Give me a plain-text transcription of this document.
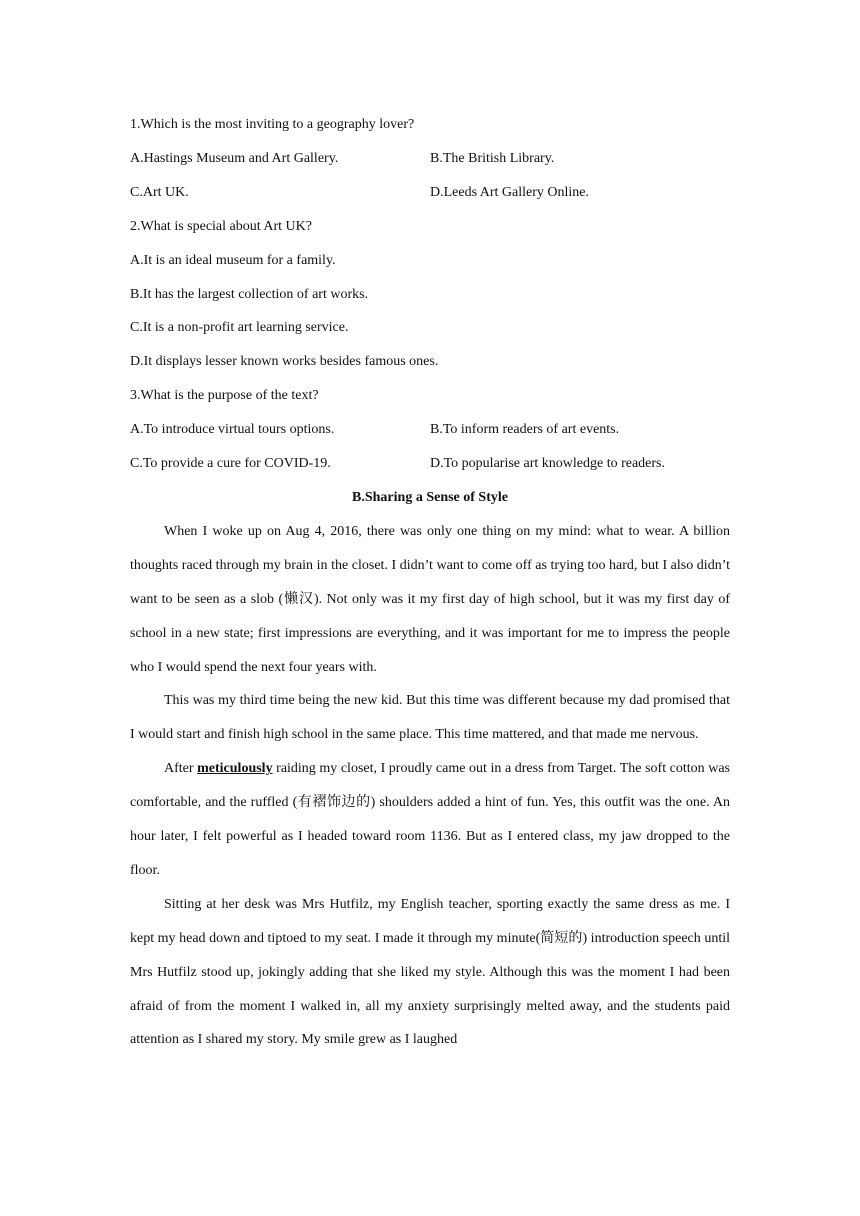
1.Which is the most inviting to a geography lover?

A.Hastings Museum and Art Gallery.	B.The British Library.
C.Art UK.	D.Leeds Art Gallery Online.

2.What is special about Art UK?

A.It is an ideal museum for a family.

B.It has the largest collection of art works.

C.It is a non-profit art learning service.

D.It displays lesser known works besides famous ones.

3.What is the purpose of the text?

A.To introduce virtual tours options.	B.To inform readers of art events.
C.To provide a cure for COVID-19.	D.To popularise art knowledge to readers.

B.Sharing a Sense of Style

When I woke up on Aug 4, 2016, there was only one thing on my mind: what to wear. A billion thoughts raced through my brain in the closet. I didn’t want to come off as trying too hard, but I also didn’t want to be seen as a slob (懒汉). Not only was it my first day of high school, but it was my first day of school in a new state; first impressions are everything, and it was important for me to impress the people who I would spend the next four years with.

This was my third time being the new kid. But this time was different because my dad promised that I would start and finish high school in the same place. This time mattered, and that made me nervous.

After meticulously raiding my closet, I proudly came out in a dress from Target. The soft cotton was comfortable, and the ruffled (有褶饰边的) shoulders added a hint of fun. Yes, this outfit was the one. An hour later, I felt powerful as I headed toward room 1136. But as I entered class, my jaw dropped to the floor.

Sitting at her desk was Mrs Hutfilz, my English teacher, sporting exactly the same dress as me. I kept my head down and tiptoed to my seat. I made it through my minute(简短的) introduction speech until Mrs Hutfilz stood up, jokingly adding that she liked my style. Although this was the moment I had been afraid of from the moment I walked in, all my anxiety surprisingly melted away, and the students paid attention as I shared my story. My smile grew as I laughed
